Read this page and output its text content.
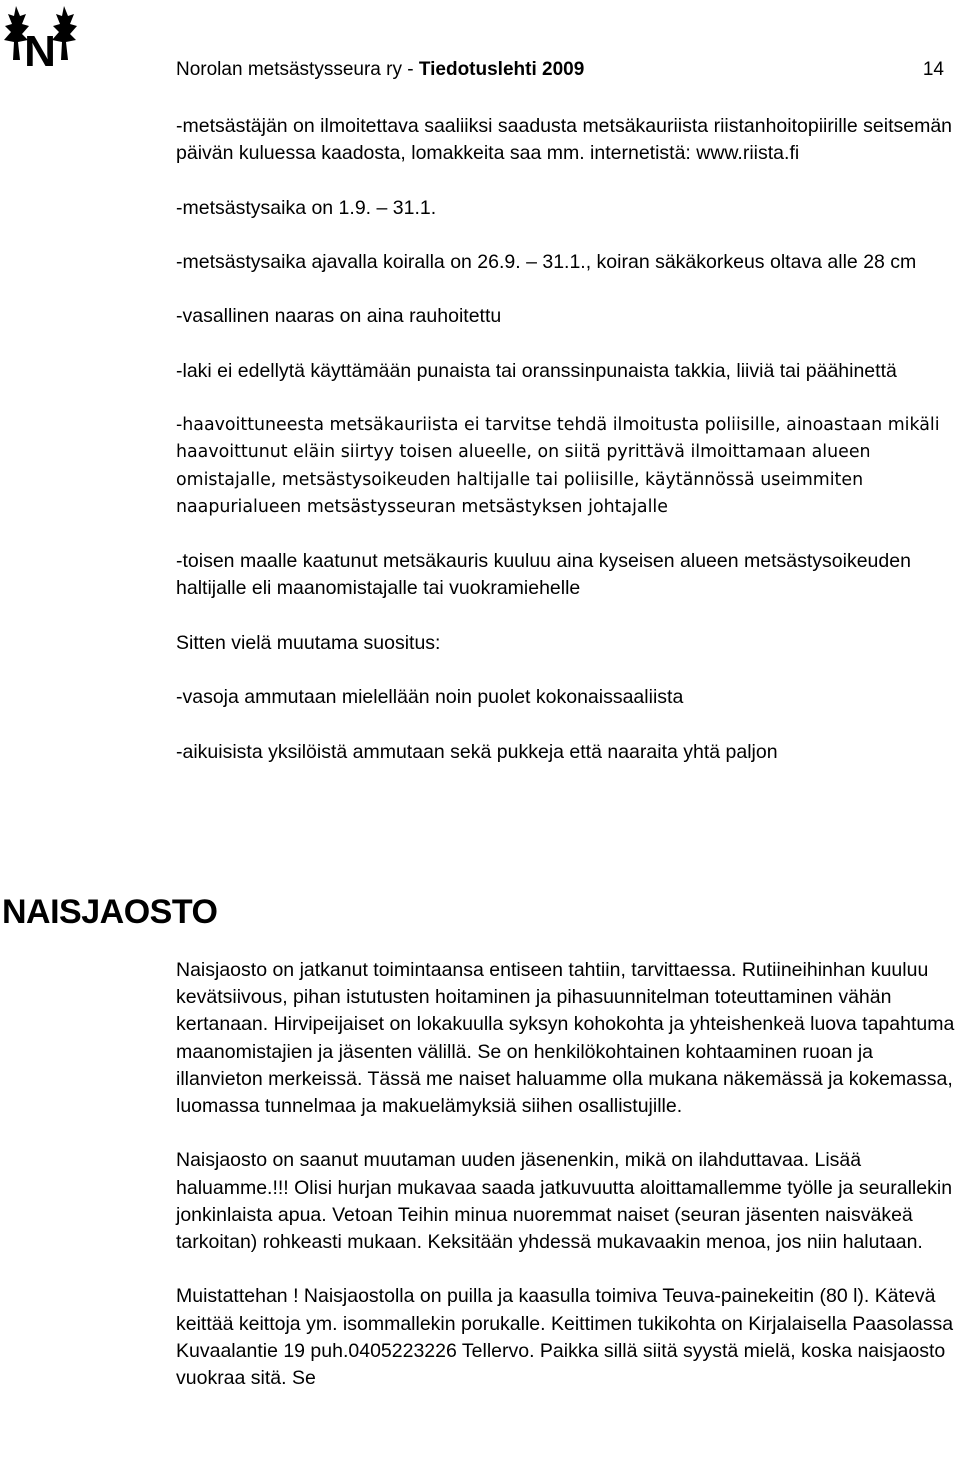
N	Norolan metsästysseura ry - Tiedotuslehti 2009	14

-metsästäjän on ilmoitettava saaliiksi saadusta metsäkauriista riistanhoitopiirille seitsemän päivän kuluessa kaadosta, lomakkeita saa mm. internetistä: www.riista.fi

-metsästysaika on 1.9. – 31.1.

-metsästysaika ajavalla koiralla on 26.9. – 31.1., koiran säkäkorkeus oltava alle 28 cm

-vasallinen naaras on aina rauhoitettu

-laki ei edellytä käyttämään punaista tai oranssinpunaista takkia, liiviä tai päähinettä

-haavoittuneesta metsäkauriista ei tarvitse tehdä ilmoitusta poliisille, ainoastaan mikäli haavoittunut eläin siirtyy toisen alueelle, on siitä pyrittävä ilmoittamaan alueen omistajalle, metsästysoikeuden haltijalle tai poliisille, käytännössä useimmiten naapurialueen metsästysseuran metsästyksen johtajalle

-toisen maalle kaatunut metsäkauris kuuluu aina kyseisen alueen metsästysoikeuden haltijalle eli maanomistajalle tai vuokramiehelle

Sitten vielä muutama suositus:

-vasoja ammutaan mielellään noin puolet kokonaissaaliista

-aikuisista yksilöistä ammutaan sekä pukkeja että naaraita yhtä paljon

NAISJAOSTO

Naisjaosto on jatkanut toimintaansa entiseen tahtiin, tarvittaessa. Rutiineihinhan kuuluu kevätsiivous, pihan istutusten hoitaminen ja pihasuunnitelman toteuttaminen vähän kertanaan. Hirvipeijaiset on lokakuulla syksyn kohokohta ja yhteishenkeä luova tapahtuma maanomistajien ja jäsenten välillä. Se on henkilökohtainen kohtaaminen ruoan ja illanvieton merkeissä. Tässä me naiset haluamme olla mukana näkemässä ja kokemassa, luomassa tunnelmaa ja makuelämyksiä siihen osallistujille.

Naisjaosto on saanut muutaman uuden jäsenenkin, mikä on ilahduttavaa. Lisää haluamme.!!! Olisi hurjan mukavaa saada jatkuvuutta aloittamallemme työlle ja seurallekin jonkinlaista apua. Vetoan Teihin minua nuoremmat naiset (seuran jäsenten naisväkeä tarkoitan) rohkeasti mukaan. Keksitään yhdessä mukavaakin menoa, jos niin halutaan.

Muistattehan ! Naisjaostolla on puilla ja kaasulla toimiva Teuva-painekeitin (80 l). Kätevä keittää keittoja ym. isommallekin porukalle. Keittimen tukikohta on Kirjalaisella Paasolassa Kuvaalantie 19 puh.0405223226 Tellervo. Paikka sillä siitä syystä mielä, koska naisjaosto vuokraa sitä. Se
